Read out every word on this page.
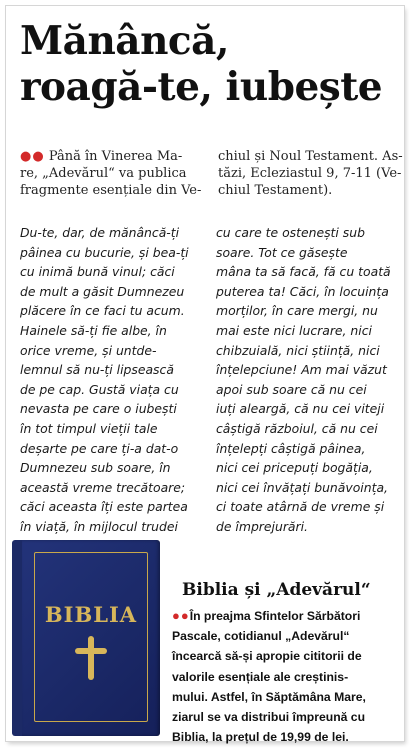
Mănâncă,
roagă-te, iubește
●● Până în Vinerea Ma-
re, „Adevărul“ va publica
fragmente esențiale din Ve-
chiul și Noul Testament. As-
tăzi, Ecleziastul 9, 7-11 (Ve-
chiul Testament).
Du-te, dar, de mănâncă-ți
pâinea cu bucurie, și bea-ți
cu inimă bună vinul; căci
de mult a găsit Dumnezeu
plăcere în ce faci tu acum.
Hainele să-ți fie albe, în
orice vreme, și untde-
lemnul să nu-ți lipsească
de pe cap. Gustă viața cu
nevasta pe care o iubești
în tot timpul vieții tale
deșarte pe care ți-a dat-o
Dumnezeu sub soare, în
această vreme trecătoare;
căci aceasta îți este partea
în viață, în mijlocul trudei
cu care te ostenești sub
soare. Tot ce găsește
mâna ta să facă, fă cu toată
puterea ta! Căci, în locuința
morților, în care mergi, nu
mai este nici lucrare, nici
chibzuială, nici știință, nici
înțelepciune! Am mai văzut
apoi sub soare că nu cei
iuți aleargă, că nu cei viteji
câștigă războiul, că nu cei
înțelepți câștigă pâinea,
nici cei pricepuți bogăția,
nici cei învățați bunăvoința,
ci toate atârnă de vreme și
de împrejurări.
BIBLIA
Biblia și „Adevărul“
●●În preajma Sfintelor Sărbători
Pascale, cotidianul „Adevărul“
încearcă să-și apropie cititorii de
valorile esențiale ale creștinis-
mului. Astfel, în Săptămâna Mare,
ziarul se va distribui împreună cu
Biblia, la prețul de 19,99 de lei.
